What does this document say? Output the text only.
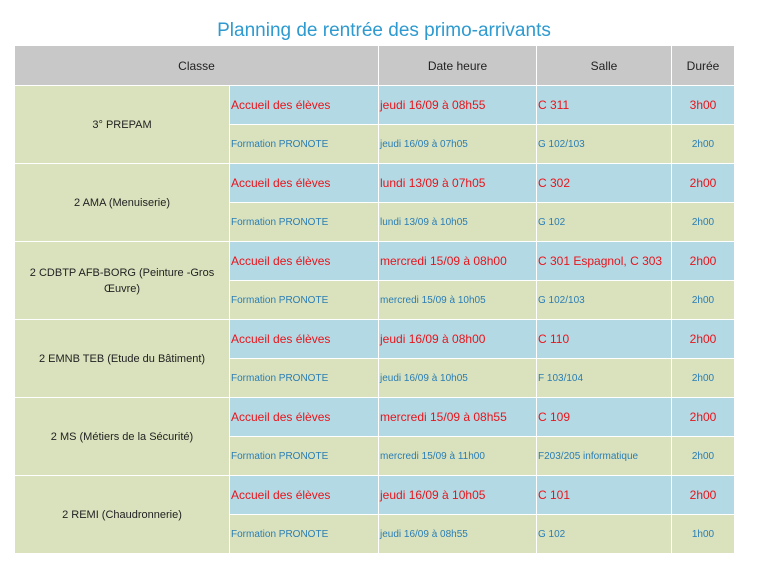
Planning de rentrée des primo-arrivants
Classe		Date heure	Salle	Durée
3° PREPAM	Accueil des élèves	jeudi 16/09 à 08h55	C 311	3h00
	Formation PRONOTE	jeudi 16/09 à 07h05	G 102/103	2h00
2 AMA (Menuiserie)	Accueil des élèves	lundi 13/09 à 07h05	C 302	2h00
	Formation PRONOTE	lundi 13/09 à 10h05	G 102	2h00
2 CDBTP AFB-BORG (Peinture -Gros Œuvre)	Accueil des élèves	mercredi 15/09 à 08h00	C 301 Espagnol, C 303	2h00
	Formation PRONOTE	mercredi 15/09 à 10h05	G 102/103	2h00
2 EMNB TEB (Etude du Bâtiment)	Accueil des élèves	jeudi 16/09 à 08h00	C 110	2h00
	Formation PRONOTE	jeudi 16/09 à 10h05	F 103/104	2h00
2 MS (Métiers de la Sécurité)	Accueil des élèves	mercredi 15/09 à 08h55	C 109	2h00
	Formation PRONOTE	mercredi 15/09 à 11h00	F203/205 informatique	2h00
2 REMI (Chaudronnerie)	Accueil des élèves	jeudi 16/09 à 10h05	C 101	2h00
	Formation PRONOTE	jeudi 16/09 à 08h55	G 102	1h00
